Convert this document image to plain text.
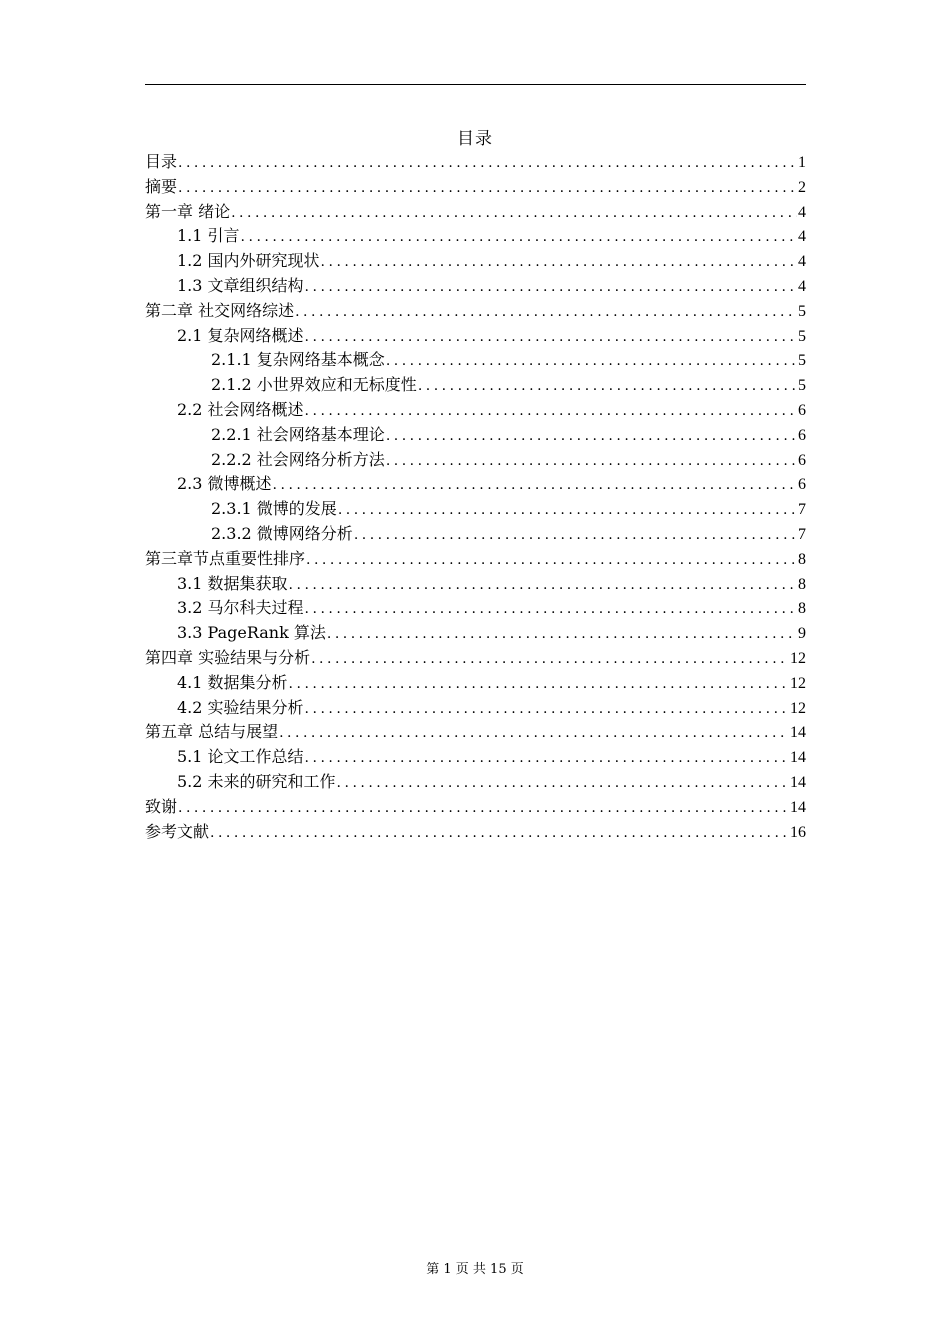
目录
目录 .....	1
摘要 .....	2
第一章 绪论 .....	4
1.1 引言 .....	4
1.2 国内外研究现状 .....	4
1.3 文章组织结构 .....	4
第二章 社交网络综述 .....	5
2.1 复杂网络概述 .....	5
2.1.1 复杂网络基本概念 .....	5
2.1.2 小世界效应和无标度性 .....	5
2.2 社会网络概述 .....	6
2.2.1 社会网络基本理论 .....	6
2.2.2 社会网络分析方法 .....	6
2.3 微博概述 .....	6
2.3.1 微博的发展 .....	7
2.3.2 微博网络分析 .....	7
第三章节点重要性排序 .....	8
3.1 数据集获取 .....	8
3.2 马尔科夫过程 .....	8
3.3 PageRank 算法 .....	9
第四章 实验结果与分析 .....	12
4.1 数据集分析 .....	12
4.2 实验结果分析 .....	12
第五章 总结与展望 .....	14
5.1 论文工作总结 .....	14
5.2 未来的研究和工作 .....	14
致谢 .....	14
参考文献 .....	16
第 1 页 共 15 页
